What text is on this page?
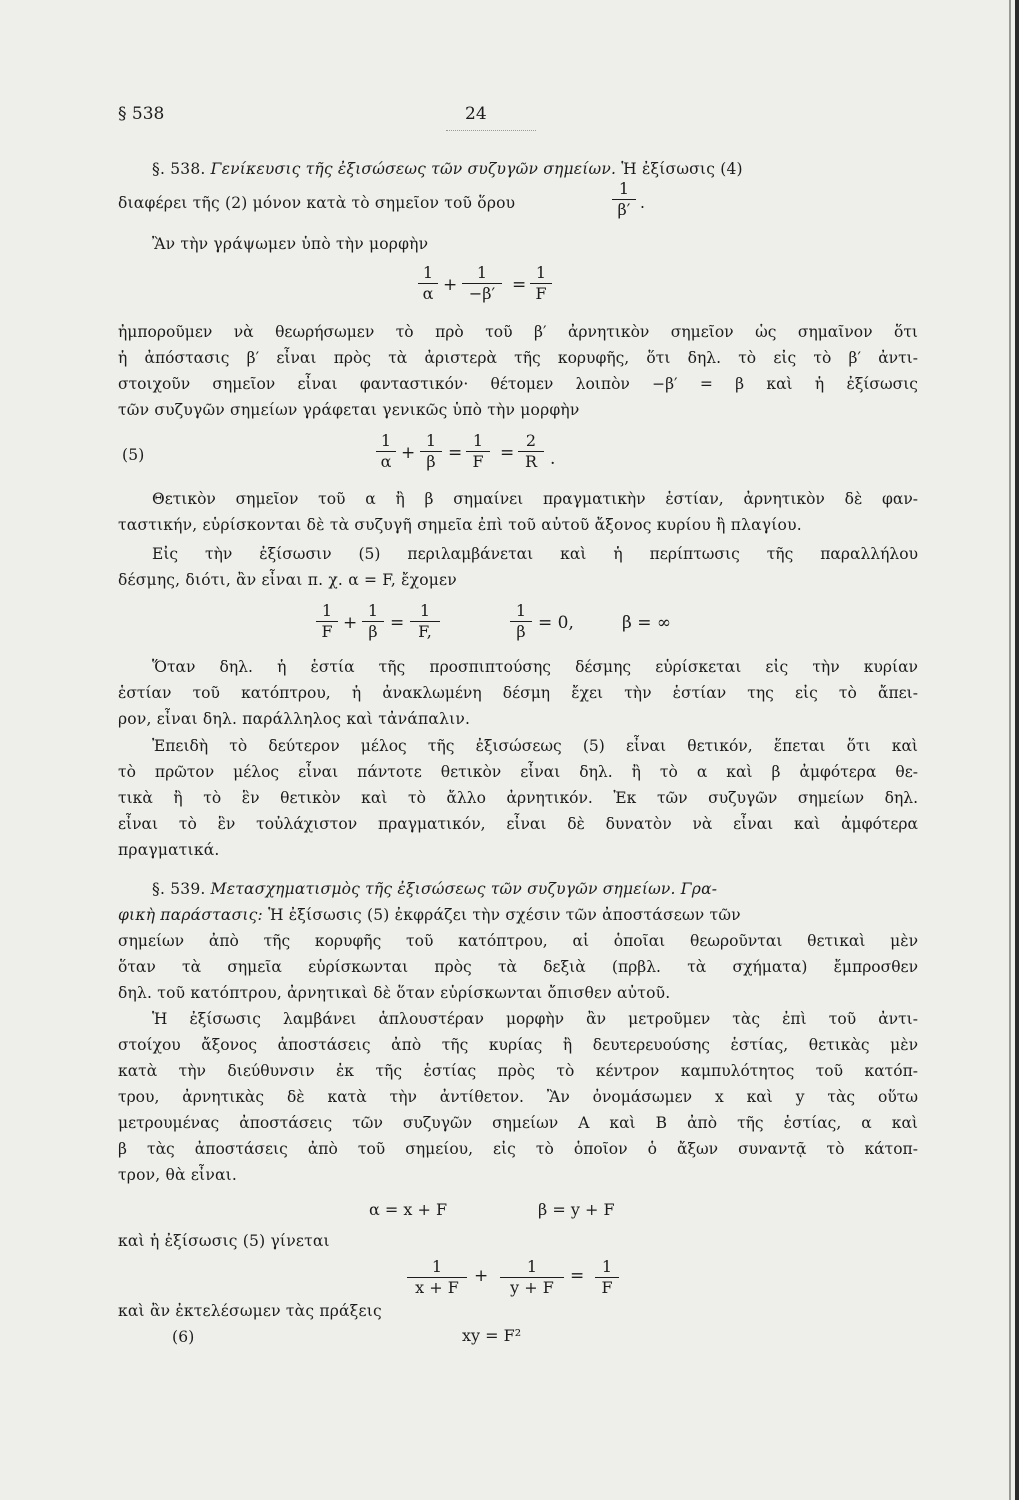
§ 538	24
§. 538. Γενίκευσις τῆς ἐξισώσεως τῶν συζυγῶν σημείων. Ἡ ἐξίσωσις (4)
διαφέρει τῆς (2) μόνον κατὰ τὸ σημεῖον τοῦ ὅρου
1
β′ .
Ἂν τὴν γράψωμεν ὑπὸ τὴν μορφὴν
1
α +
1
−β′ =
1
F
ἠμποροῦμεν νὰ θεωρήσωμεν τὸ πρὸ τοῦ β′ ἀρνητικὸν σημεῖον ὡς σημαῖνον ὅτι
ἡ ἀπόστασις β′ εἶναι πρὸς τὰ ἀριστερὰ τῆς κορυφῆς, ὅτι δηλ. τὸ εἰς τὸ β′ ἀντι-
στοιχοῦν σημεῖον εἶναι φανταστικόν· θέτομεν λοιπὸν −β′ = β καὶ ἡ ἐξίσωσις
τῶν συζυγῶν σημείων γράφεται γενικῶς ὑπὸ τὴν μορφὴν
(5)
1
α +
1
β =
1
F =
2
R .
Θετικὸν σημεῖον τοῦ α ἢ β σημαίνει πραγματικὴν ἑστίαν, ἀρνητικὸν δὲ φαν-
ταστικήν, εὑρίσκονται δὲ τὰ συζυγῆ σημεῖα ἐπὶ τοῦ αὐτοῦ ἄξονος κυρίου ἢ πλαγίου.
Εἰς τὴν ἐξίσωσιν (5) περιλαμβάνεται καὶ ἡ περίπτωσις τῆς παραλλήλου
δέσμης, διότι, ἂν εἶναι π. χ. α = F, ἔχομεν
1
F +
1
β =
1
F,
1
β = 0,	β = ∞
Ὅταν δηλ. ἡ ἑστία τῆς προσπιπτούσης δέσμης εὑρίσκεται εἰς τὴν κυρίαν
ἑστίαν τοῦ κατόπτρου, ἡ ἀνακλωμένη δέσμη ἔχει τὴν ἑστίαν της εἰς τὸ ἄπει-
ρον, εἶναι δηλ. παράλληλος καὶ τἀνάπαλιν.
Ἐπειδὴ τὸ δεύτερον μέλος τῆς ἐξισώσεως (5) εἶναι θετικόν, ἕπεται ὅτι καὶ
τὸ πρῶτον μέλος εἶναι πάντοτε θετικὸν εἶναι δηλ. ἢ τὸ α καὶ β ἀμφότερα θε-
τικὰ ἢ τὸ ἓν θετικὸν καὶ τὸ ἄλλο ἀρνητικόν. Ἐκ τῶν συζυγῶν σημείων δηλ.
εἶναι τὸ ἓν τοὐλάχιστον πραγματικόν, εἶναι δὲ δυνατὸν νὰ εἶναι καὶ ἀμφότερα
πραγματικά.
§. 539. Μετασχηματισμὸς τῆς ἐξισώσεως τῶν συζυγῶν σημείων. Γρα-
φικὴ παράστασις: Ἡ ἐξίσωσις (5) ἐκφράζει τὴν σχέσιν τῶν ἀποστάσεων τῶν
σημείων ἀπὸ τῆς κορυφῆς τοῦ κατόπτρου, αἱ ὁποῖαι θεωροῦνται θετικαὶ μὲν
ὅταν τὰ σημεῖα εὑρίσκωνται πρὸς τὰ δεξιὰ (πρβλ. τὰ σχήματα) ἔμπροσθεν
δηλ. τοῦ κατόπτρου, ἀρνητικαὶ δὲ ὅταν εὑρίσκωνται ὄπισθεν αὐτοῦ.
Ἡ ἐξίσωσις λαμβάνει ἁπλουστέραν μορφὴν ἂν μετροῦμεν τὰς ἐπὶ τοῦ ἀντι-
στοίχου ἄξονος ἀποστάσεις ἀπὸ τῆς κυρίας ἢ δευτερευούσης ἑστίας, θετικὰς μὲν
κατὰ τὴν διεύθυνσιν ἐκ τῆς ἑστίας πρὸς τὸ κέντρον καμπυλότητος τοῦ κατόπ-
τρου, ἀρνητικὰς δὲ κατὰ τὴν ἀντίθετον. Ἂν ὀνομάσωμεν x καὶ y τὰς οὕτω
μετρουμένας ἀποστάσεις τῶν συζυγῶν σημείων A καὶ B ἀπὸ τῆς ἑστίας, α καὶ
β τὰς ἀποστάσεις ἀπὸ τοῦ σημείου, εἰς τὸ ὁποῖον ὁ ἄξων συναντᾷ τὸ κάτοπ-
τρον, θὰ εἶναι.
α = x + F	β = y + F
καὶ ἡ ἐξίσωσις (5) γίνεται
1
x + F
+	1
y + F
=	1
F
καὶ ἂν ἐκτελέσωμεν τὰς πράξεις
(6)	xy = F²
